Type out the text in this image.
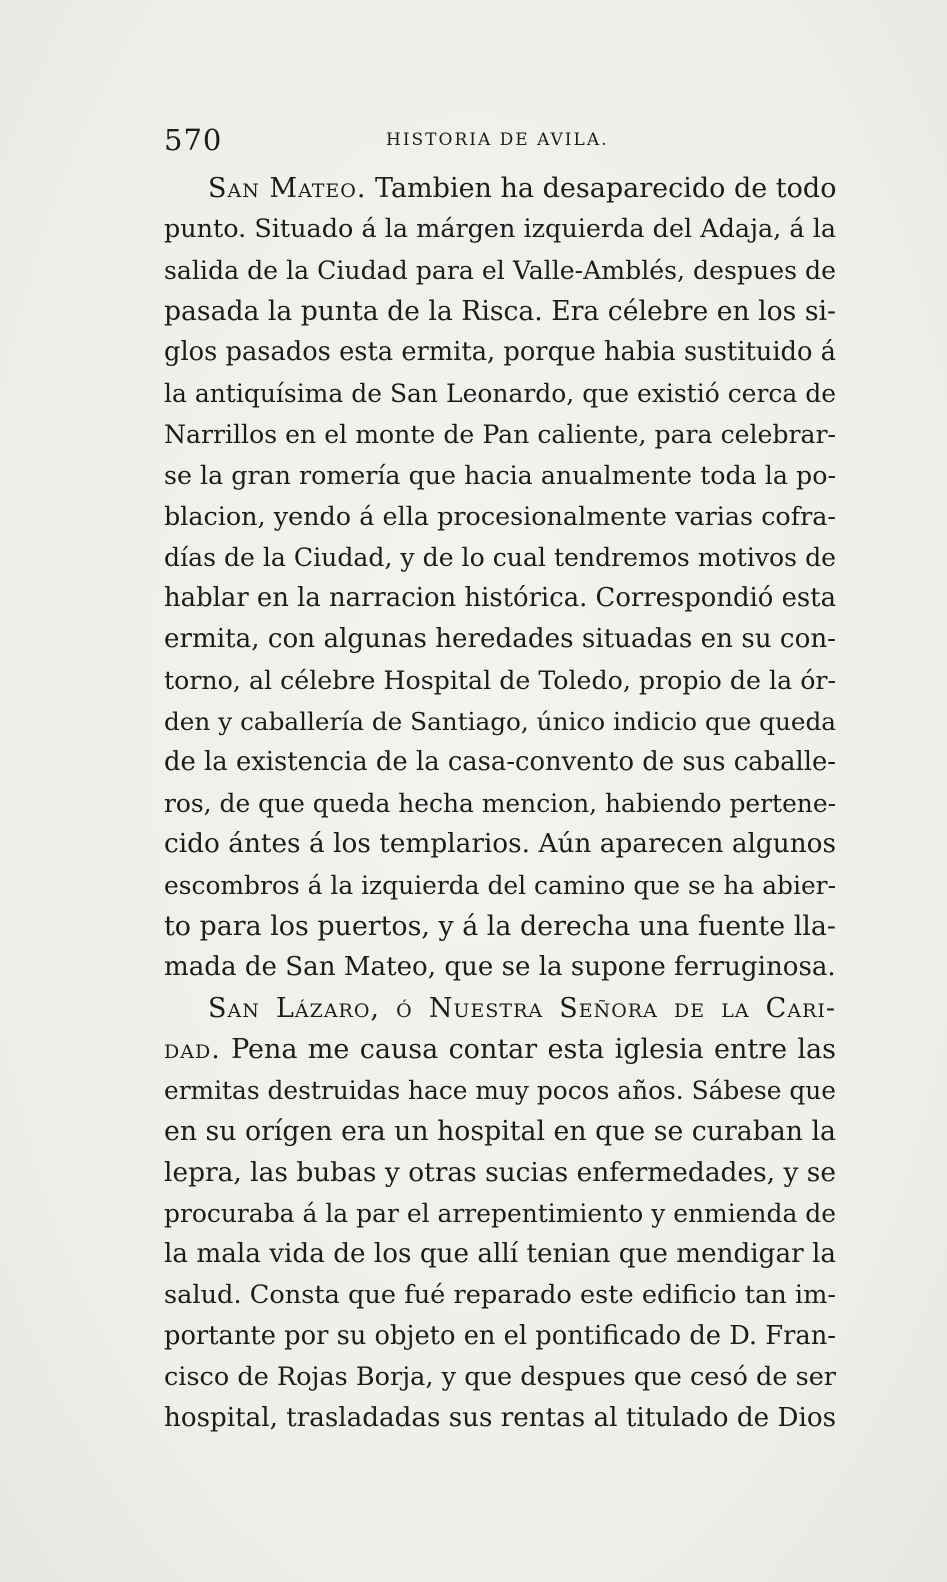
570	HISTORIA DE AVILA.
San Mateo. Tambien ha desaparecido de todo
punto. Situado á la márgen izquierda del Adaja, á la
salida de la Ciudad para el Valle-Amblés, despues de
pasada la punta de la Risca. Era célebre en los si-
glos pasados esta ermita, porque habia sustituido á
la antiquísima de San Leonardo, que existió cerca de
Narrillos en el monte de Pan caliente, para celebrar-
se la gran romería que hacia anualmente toda la po-
blacion, yendo á ella procesionalmente varias cofra-
días de la Ciudad, y de lo cual tendremos motivos de
hablar en la narracion histórica. Correspondió esta
ermita, con algunas heredades situadas en su con-
torno, al célebre Hospital de Toledo, propio de la ór-
den y caballería de Santiago, único indicio que queda
de la existencia de la casa-convento de sus caballe-
ros, de que queda hecha mencion, habiendo pertene-
cido ántes á los templarios. Aún aparecen algunos
escombros á la izquierda del camino que se ha abier-
to para los puertos, y á la derecha una fuente lla-
mada de San Mateo, que se la supone ferruginosa.
San Lázaro, ó Nuestra Señora de la Cari-
dad. Pena me causa contar esta iglesia entre las
ermitas destruidas hace muy pocos años. Sábese que
en su orígen era un hospital en que se curaban la
lepra, las bubas y otras sucias enfermedades, y se
procuraba á la par el arrepentimiento y enmienda de
la mala vida de los que allí tenian que mendigar la
salud. Consta que fué reparado este edificio tan im-
portante por su objeto en el pontificado de D. Fran-
cisco de Rojas Borja, y que despues que cesó de ser
hospital, trasladadas sus rentas al titulado de Dios
